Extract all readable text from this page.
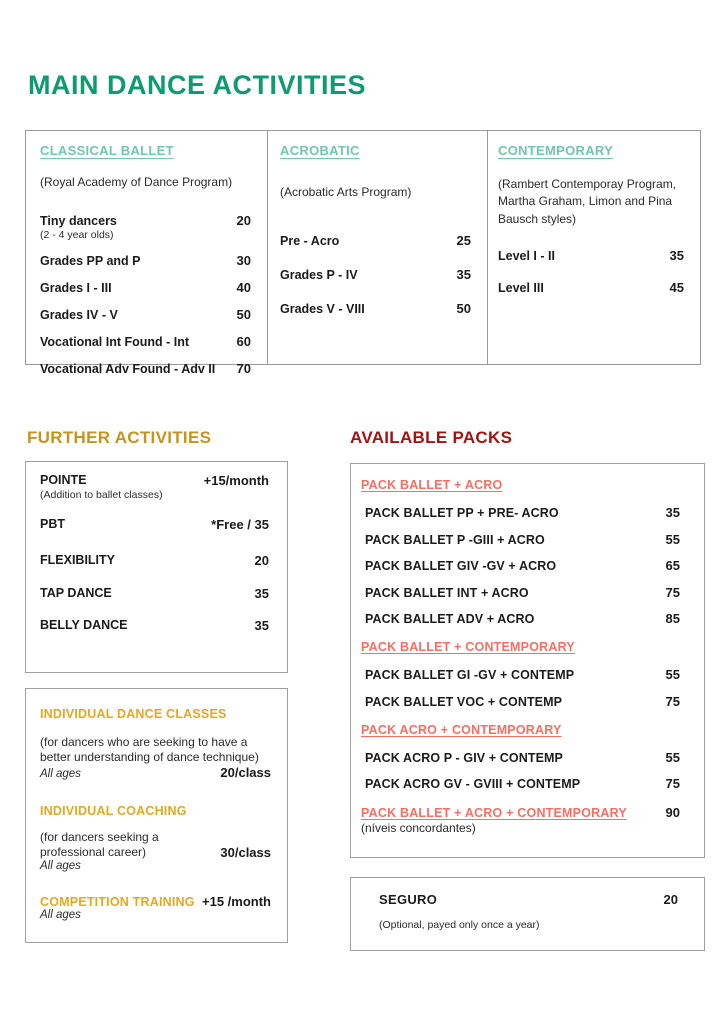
MAIN DANCE ACTIVITIES
CLASSICAL BALLET
(Royal Academy of Dance Program)
Tiny dancers	20
(2 - 4 year olds)
Grades PP and P	30
Grades I - III	40
Grades IV - V	50
Vocational Int Found - Int	60
Vocational Adv Found - Adv II 70
ACROBATIC
(Acrobatic Arts Program)
Pre - Acro	25
Grades P - IV	35
Grades V - VIII	50
CONTEMPORARY
(Rambert Contemporay Program, Martha Graham, Limon and Pina Bausch styles)
Level I - II	35
Level III	45
FURTHER ACTIVITIES	AVAILABLE PACKS
POINTE	+15/month
(Addition to ballet classes)
PBT	*Free / 35
FLEXIBILITY	20
TAP DANCE	35
BELLY DANCE	35
INDIVIDUAL DANCE CLASSES
(for dancers who are seeking to have a better understanding of dance technique)
All ages	20/class
INDIVIDUAL COACHING
(for dancers seeking a professional career)	30/class
All ages
COMPETITION TRAINING +15 /month
All ages
PACK BALLET + ACRO
PACK BALLET PP + PRE- ACRO	35
PACK BALLET P -GIII + ACRO	55
PACK BALLET GIV -GV + ACRO	65
PACK BALLET INT + ACRO	75
PACK BALLET ADV + ACRO	85
PACK BALLET + CONTEMPORARY
PACK BALLET GI -GV + CONTEMP	55
PACK BALLET VOC + CONTEMP	75
PACK ACRO + CONTEMPORARY
PACK ACRO P - GIV + CONTEMP	55
PACK ACRO GV - GVIII + CONTEMP	75
PACK BALLET + ACRO + CONTEMPORARY	90
(níveis concordantes)
SEGURO	20
(Optional, payed only once a year)
